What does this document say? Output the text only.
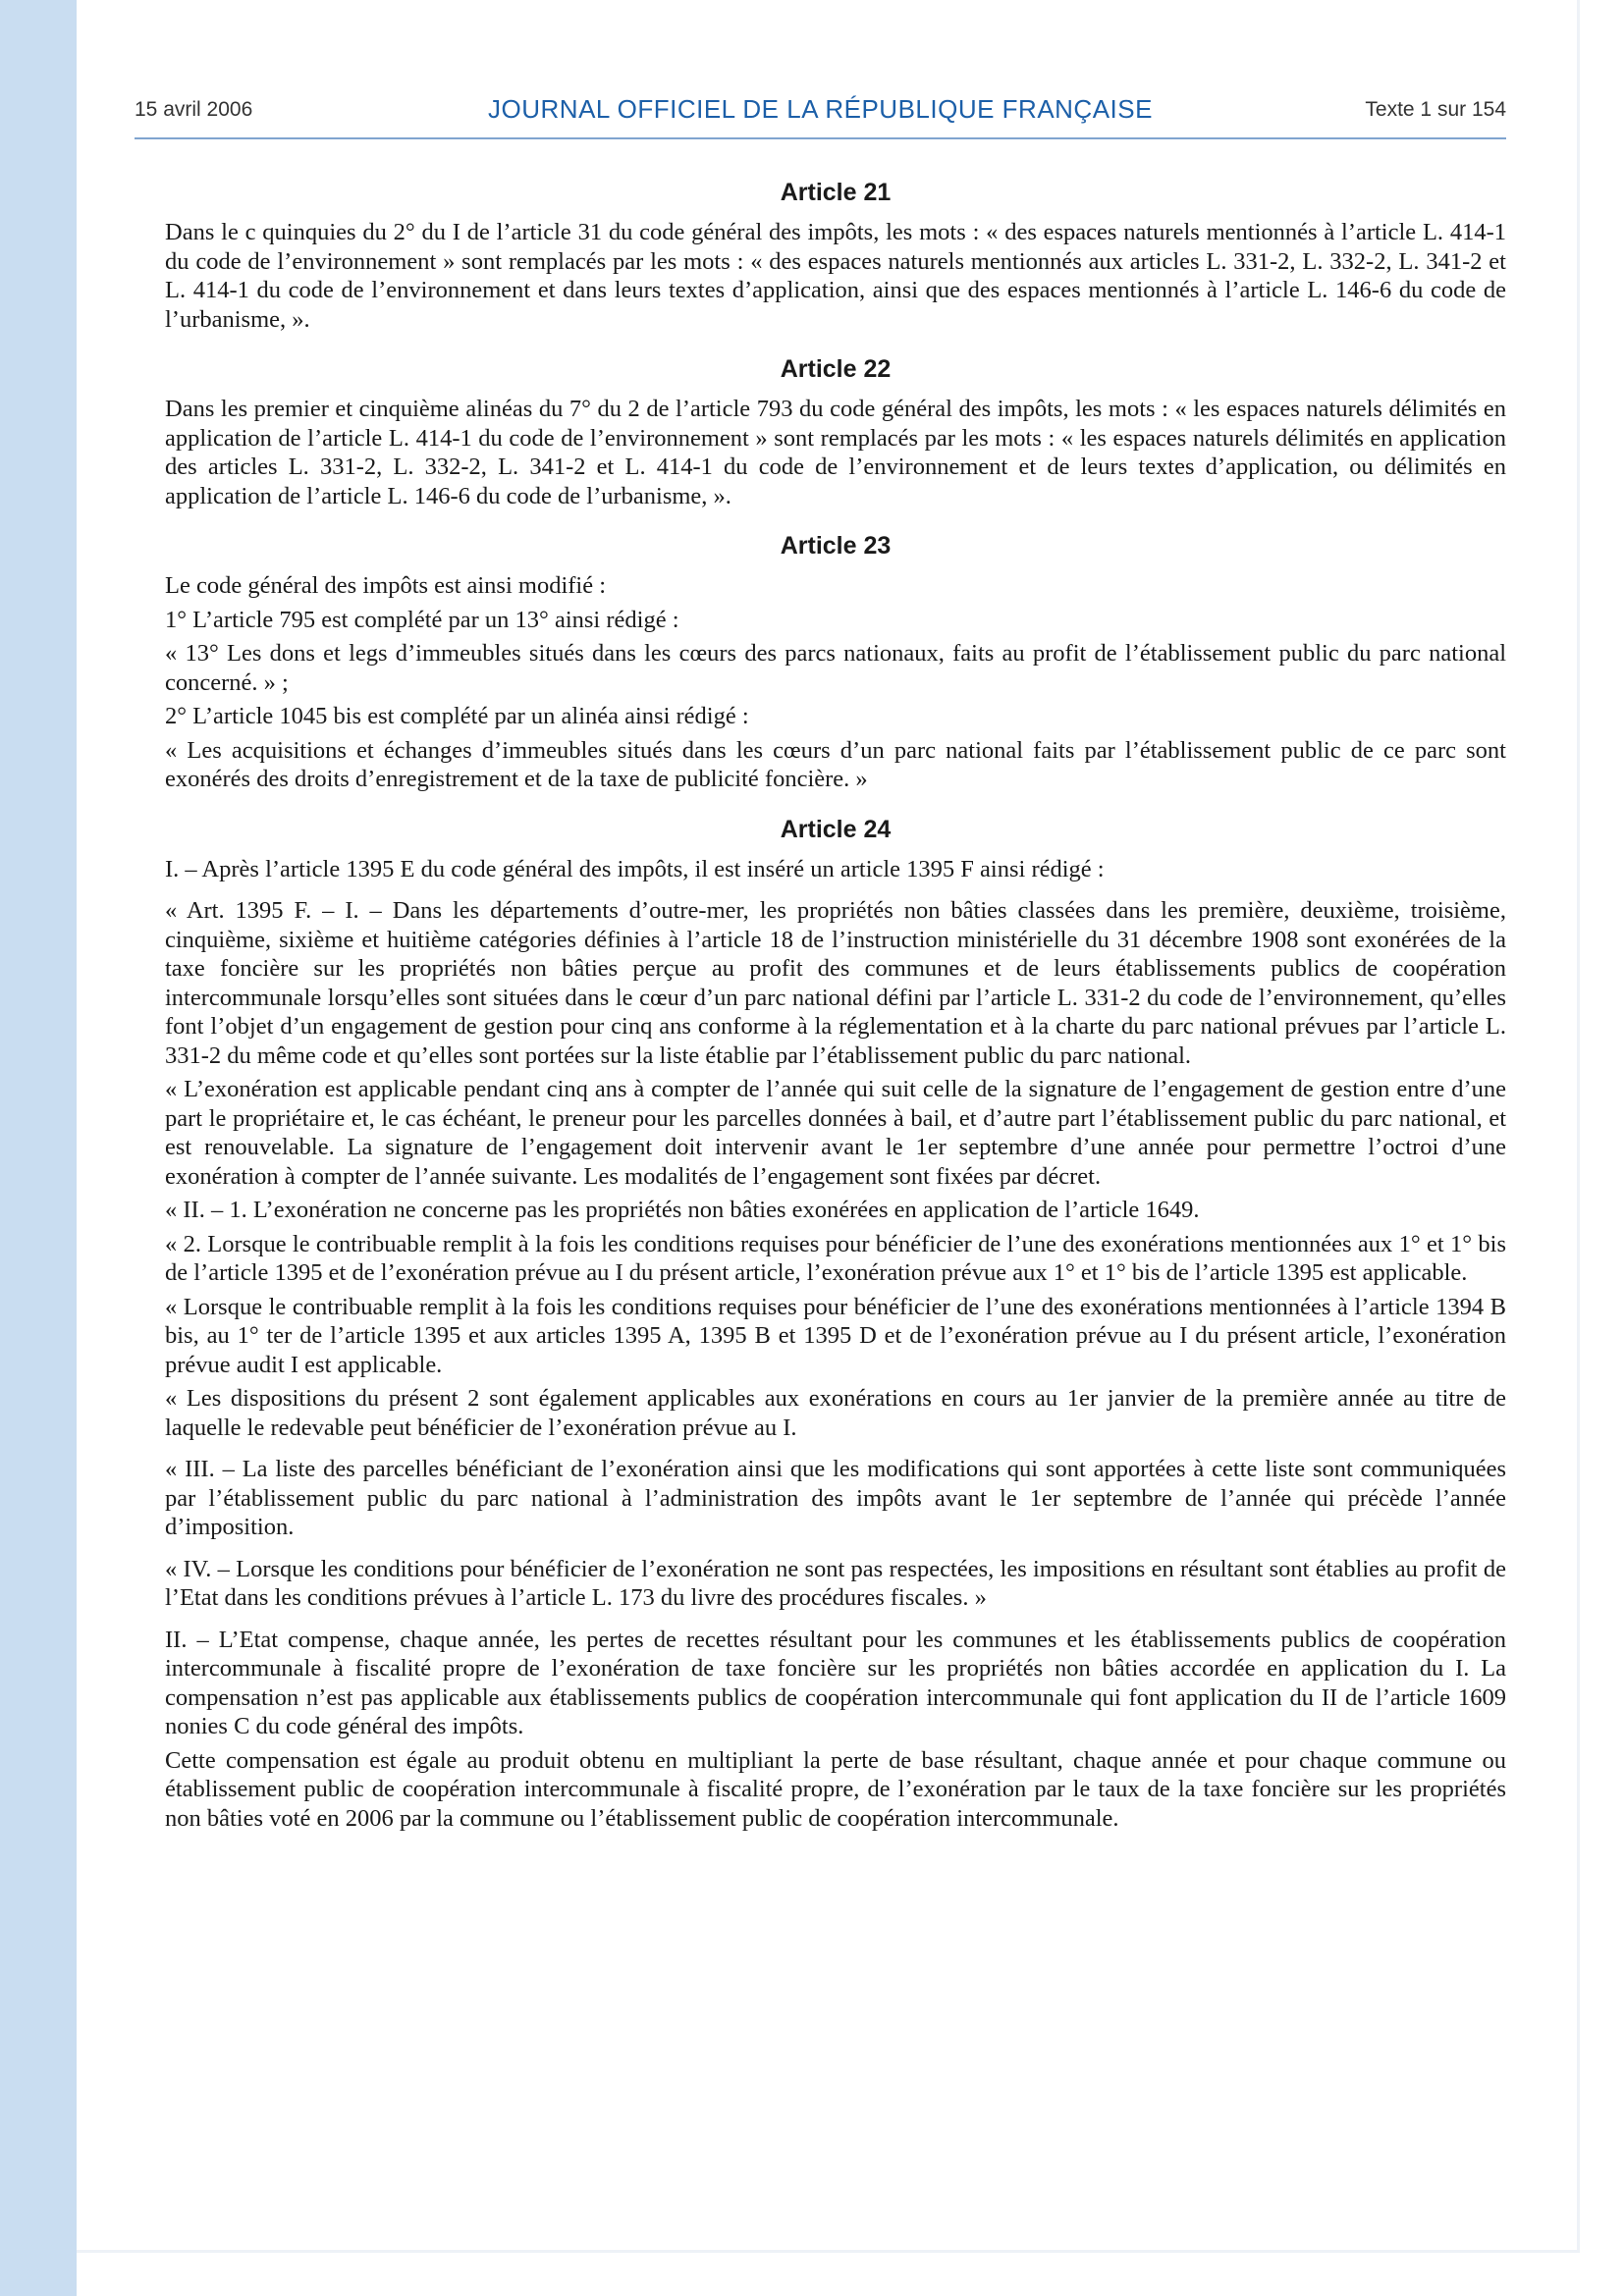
15 avril 2006	JOURNAL OFFICIEL DE LA RÉPUBLIQUE FRANÇAISE	Texte 1 sur 154
Article 21

Dans le c quinquies du 2° du I de l’article 31 du code général des impôts, les mots : « des espaces naturels mentionnés à l’article L. 414-1 du code de l’environnement » sont remplacés par les mots : « des espaces naturels mentionnés aux articles L. 331-2, L. 332-2, L. 341-2 et L. 414-1 du code de l’environnement et dans leurs textes d’application, ainsi que des espaces mentionnés à l’article L. 146-6 du code de l’urbanisme, ».

Article 22

Dans les premier et cinquième alinéas du 7° du 2 de l’article 793 du code général des impôts, les mots : « les espaces naturels délimités en application de l’article L. 414-1 du code de l’environnement » sont remplacés par les mots : « les espaces naturels délimités en application des articles L. 331-2, L. 332-2, L. 341-2 et L. 414-1 du code de l’environnement et de leurs textes d’application, ou délimités en application de l’article L. 146-6 du code de l’urbanisme, ».

Article 23

Le code général des impôts est ainsi modifié :

1° L’article 795 est complété par un 13° ainsi rédigé :

« 13° Les dons et legs d’immeubles situés dans les cœurs des parcs nationaux, faits au profit de l’établissement public du parc national concerné. » ;

2° L’article 1045 bis est complété par un alinéa ainsi rédigé :

« Les acquisitions et échanges d’immeubles situés dans les cœurs d’un parc national faits par l’établissement public de ce parc sont exonérés des droits d’enregistrement et de la taxe de publicité foncière. »

Article 24

I. – Après l’article 1395 E du code général des impôts, il est inséré un article 1395 F ainsi rédigé :

« Art. 1395 F. – I. – Dans les départements d’outre-mer, les propriétés non bâties classées dans les première, deuxième, troisième, cinquième, sixième et huitième catégories définies à l’article 18 de l’instruction ministérielle du 31 décembre 1908 sont exonérées de la taxe foncière sur les propriétés non bâties perçue au profit des communes et de leurs établissements publics de coopération intercommunale lorsqu’elles sont situées dans le cœur d’un parc national défini par l’article L. 331-2 du code de l’environnement, qu’elles font l’objet d’un engagement de gestion pour cinq ans conforme à la réglementation et à la charte du parc national prévues par l’article L. 331-2 du même code et qu’elles sont portées sur la liste établie par l’établissement public du parc national.

« L’exonération est applicable pendant cinq ans à compter de l’année qui suit celle de la signature de l’engagement de gestion entre d’une part le propriétaire et, le cas échéant, le preneur pour les parcelles données à bail, et d’autre part l’établissement public du parc national, et est renouvelable. La signature de l’engagement doit intervenir avant le 1er septembre d’une année pour permettre l’octroi d’une exonération à compter de l’année suivante. Les modalités de l’engagement sont fixées par décret.

« II. – 1. L’exonération ne concerne pas les propriétés non bâties exonérées en application de l’article 1649.

« 2. Lorsque le contribuable remplit à la fois les conditions requises pour bénéficier de l’une des exonérations mentionnées aux 1° et 1° bis de l’article 1395 et de l’exonération prévue au I du présent article, l’exonération prévue aux 1° et 1° bis de l’article 1395 est applicable.

« Lorsque le contribuable remplit à la fois les conditions requises pour bénéficier de l’une des exonérations mentionnées à l’article 1394 B bis, au 1° ter de l’article 1395 et aux articles 1395 A, 1395 B et 1395 D et de l’exonération prévue au I du présent article, l’exonération prévue audit I est applicable.

« Les dispositions du présent 2 sont également applicables aux exonérations en cours au 1er janvier de la première année au titre de laquelle le redevable peut bénéficier de l’exonération prévue au I.

« III. – La liste des parcelles bénéficiant de l’exonération ainsi que les modifications qui sont apportées à cette liste sont communiquées par l’établissement public du parc national à l’administration des impôts avant le 1er septembre de l’année qui précède l’année d’imposition.

« IV. – Lorsque les conditions pour bénéficier de l’exonération ne sont pas respectées, les impositions en résultant sont établies au profit de l’Etat dans les conditions prévues à l’article L. 173 du livre des procédures fiscales. »

II. – L’Etat compense, chaque année, les pertes de recettes résultant pour les communes et les établissements publics de coopération intercommunale à fiscalité propre de l’exonération de taxe foncière sur les propriétés non bâties accordée en application du I. La compensation n’est pas applicable aux établissements publics de coopération intercommunale qui font application du II de l’article 1609 nonies C du code général des impôts.

Cette compensation est égale au produit obtenu en multipliant la perte de base résultant, chaque année et pour chaque commune ou établissement public de coopération intercommunale à fiscalité propre, de l’exonération par le taux de la taxe foncière sur les propriétés non bâties voté en 2006 par la commune ou l’établissement public de coopération intercommunale.
